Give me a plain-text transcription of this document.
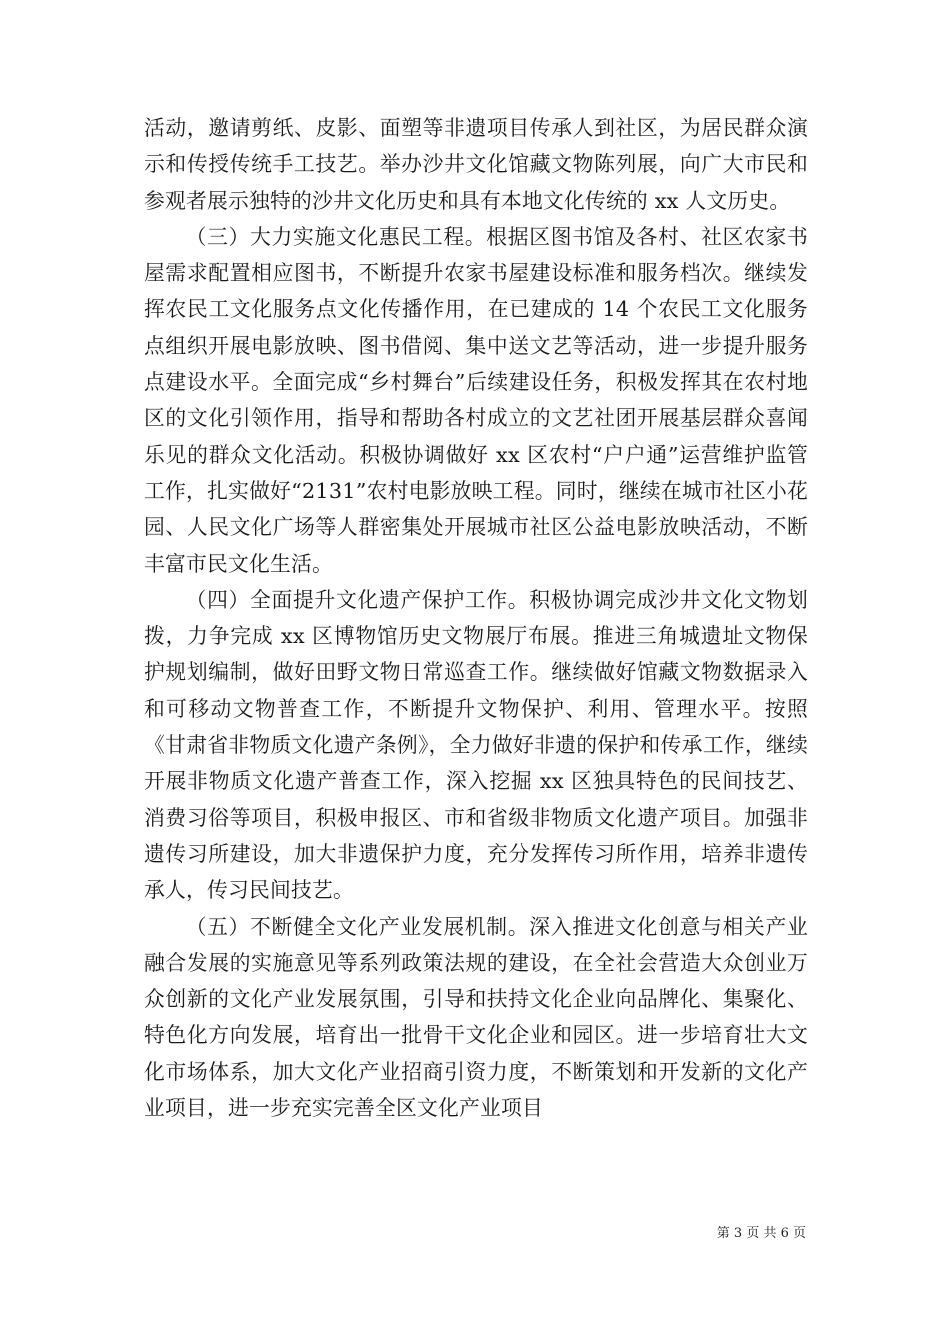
活动，邀请剪纸、皮影、面塑等非遗项目传承人到社区，为居民群众演示和传授传统手工技艺。举办沙井文化馆藏文物陈列展，向广大市民和参观者展示独特的沙井文化历史和具有本地文化传统的 xx 人文历史。

（三）大力实施文化惠民工程。根据区图书馆及各村、社区农家书屋需求配置相应图书，不断提升农家书屋建设标准和服务档次。继续发挥农民工文化服务点文化传播作用，在已建成的 14 个农民工文化服务点组织开展电影放映、图书借阅、集中送文艺等活动，进一步提升服务点建设水平。全面完成“乡村舞台”后续建设任务，积极发挥其在农村地区的文化引领作用，指导和帮助各村成立的文艺社团开展基层群众喜闻乐见的群众文化活动。积极协调做好 xx 区农村“户户通”运营维护监管工作，扎实做好“2131”农村电影放映工程。同时，继续在城市社区小花园、人民文化广场等人群密集处开展城市社区公益电影放映活动，不断丰富市民文化生活。

（四）全面提升文化遗产保护工作。积极协调完成沙井文化文物划拨，力争完成 xx 区博物馆历史文物展厅布展。推进三角城遗址文物保护规划编制，做好田野文物日常巡查工作。继续做好馆藏文物数据录入和可移动文物普查工作，不断提升文物保护、利用、管理水平。按照《甘肃省非物质文化遗产条例》，全力做好非遗的保护和传承工作，继续开展非物质文化遗产普查工作，深入挖掘 xx 区独具特色的民间技艺、消费习俗等项目，积极申报区、市和省级非物质文化遗产项目。加强非遗传习所建设，加大非遗保护力度，充分发挥传习所作用，培养非遗传承人，传习民间技艺。

（五）不断健全文化产业发展机制。深入推进文化创意与相关产业融合发展的实施意见等系列政策法规的建设，在全社会营造大众创业万众创新的文化产业发展氛围，引导和扶持文化企业向品牌化、集聚化、特色化方向发展，培育出一批骨干文化企业和园区。进一步培育壮大文化市场体系，加大文化产业招商引资力度，不断策划和开发新的文化产业项目，进一步充实完善全区文化产业项目

第 3 页 共 6 页
